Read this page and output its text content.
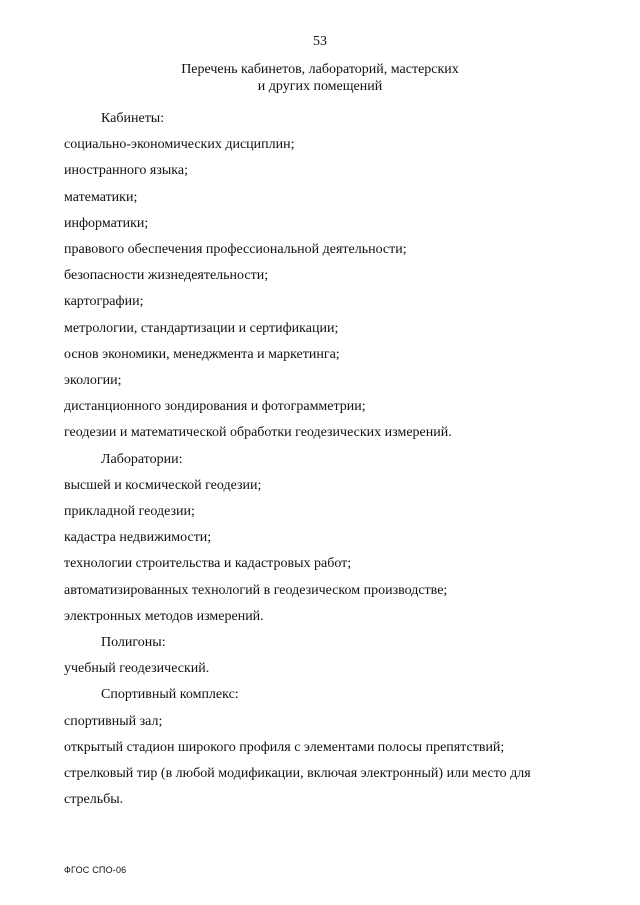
53
Перечень кабинетов, лабораторий, мастерских
и других помещений
Кабинеты:
социально-экономических дисциплин;
иностранного языка;
математики;
информатики;
правового обеспечения профессиональной деятельности;
безопасности жизнедеятельности;
картографии;
метрологии, стандартизации и сертификации;
основ экономики, менеджмента и маркетинга;
экологии;
дистанционного зондирования и фотограмметрии;
геодезии и математической обработки геодезических измерений.
Лаборатории:
высшей и космической геодезии;
прикладной геодезии;
кадастра недвижимости;
технологии строительства и кадастровых работ;
автоматизированных технологий в геодезическом производстве;
электронных методов измерений.
Полигоны:
учебный геодезический.
Спортивный комплекс:
спортивный зал;
открытый стадион широкого профиля с элементами полосы препятствий;
стрелковый тир (в любой модификации, включая электронный) или место для
стрельбы.
ФГОС СПО-06
